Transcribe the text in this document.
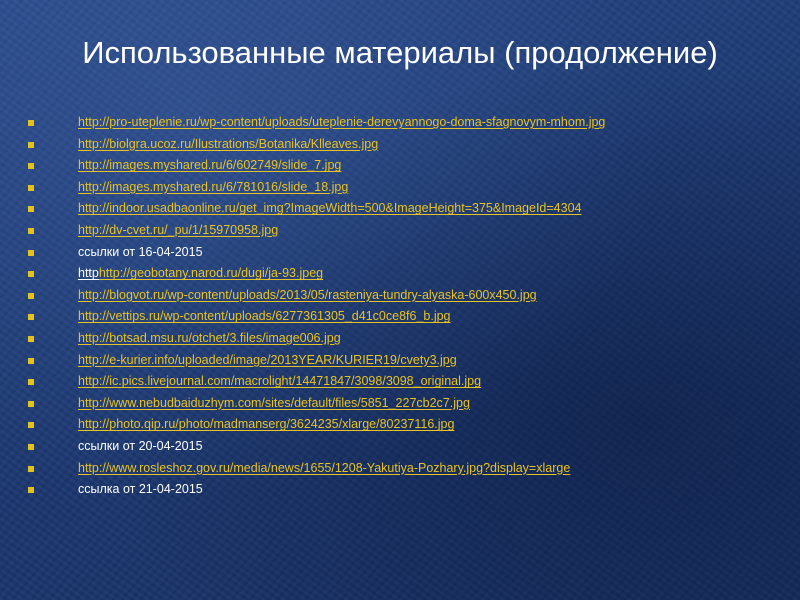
Использованные материалы (продолжение)
http://pro-uteplenie.ru/wp-content/uploads/uteplenie-derevyannogo-doma-sfagnovym-mhom.jpg
http://biolgra.ucoz.ru/Ilustrations/Botanika/Klleaves.jpg
http://images.myshared.ru/6/602749/slide_7.jpg
http://images.myshared.ru/6/781016/slide_18.jpg
http://indoor.usadbaonline.ru/get_img?ImageWidth=500&ImageHeight=375&ImageId=4304
http://dv-cvet.ru/_pu/1/15970958.jpg
ссылки от 16-04-2015
httphttp://geobotany.narod.ru/dugi/ja-93.jpeg
http://blogvot.ru/wp-content/uploads/2013/05/rasteniya-tundry-alyaska-600x450.jpg
http://vettips.ru/wp-content/uploads/6277361305_d41c0ce8f6_b.jpg
http://botsad.msu.ru/otchet/3.files/image006.jpg
http://e-kurier.info/uploaded/image/2013YEAR/KURIER19/cvety3.jpg
http://ic.pics.livejournal.com/macrolight/14471847/3098/3098_original.jpg
http://www.nebudbaiduzhym.com/sites/default/files/5851_227cb2c7.jpg
http://photo.qip.ru/photo/madmanserg/3624235/xlarge/80237116.jpg
ссылки от 20-04-2015
http://www.rosleshoz.gov.ru/media/news/1655/1208-Yakutiya-Pozhary.jpg?display=xlarge
ссылка от 21-04-2015
